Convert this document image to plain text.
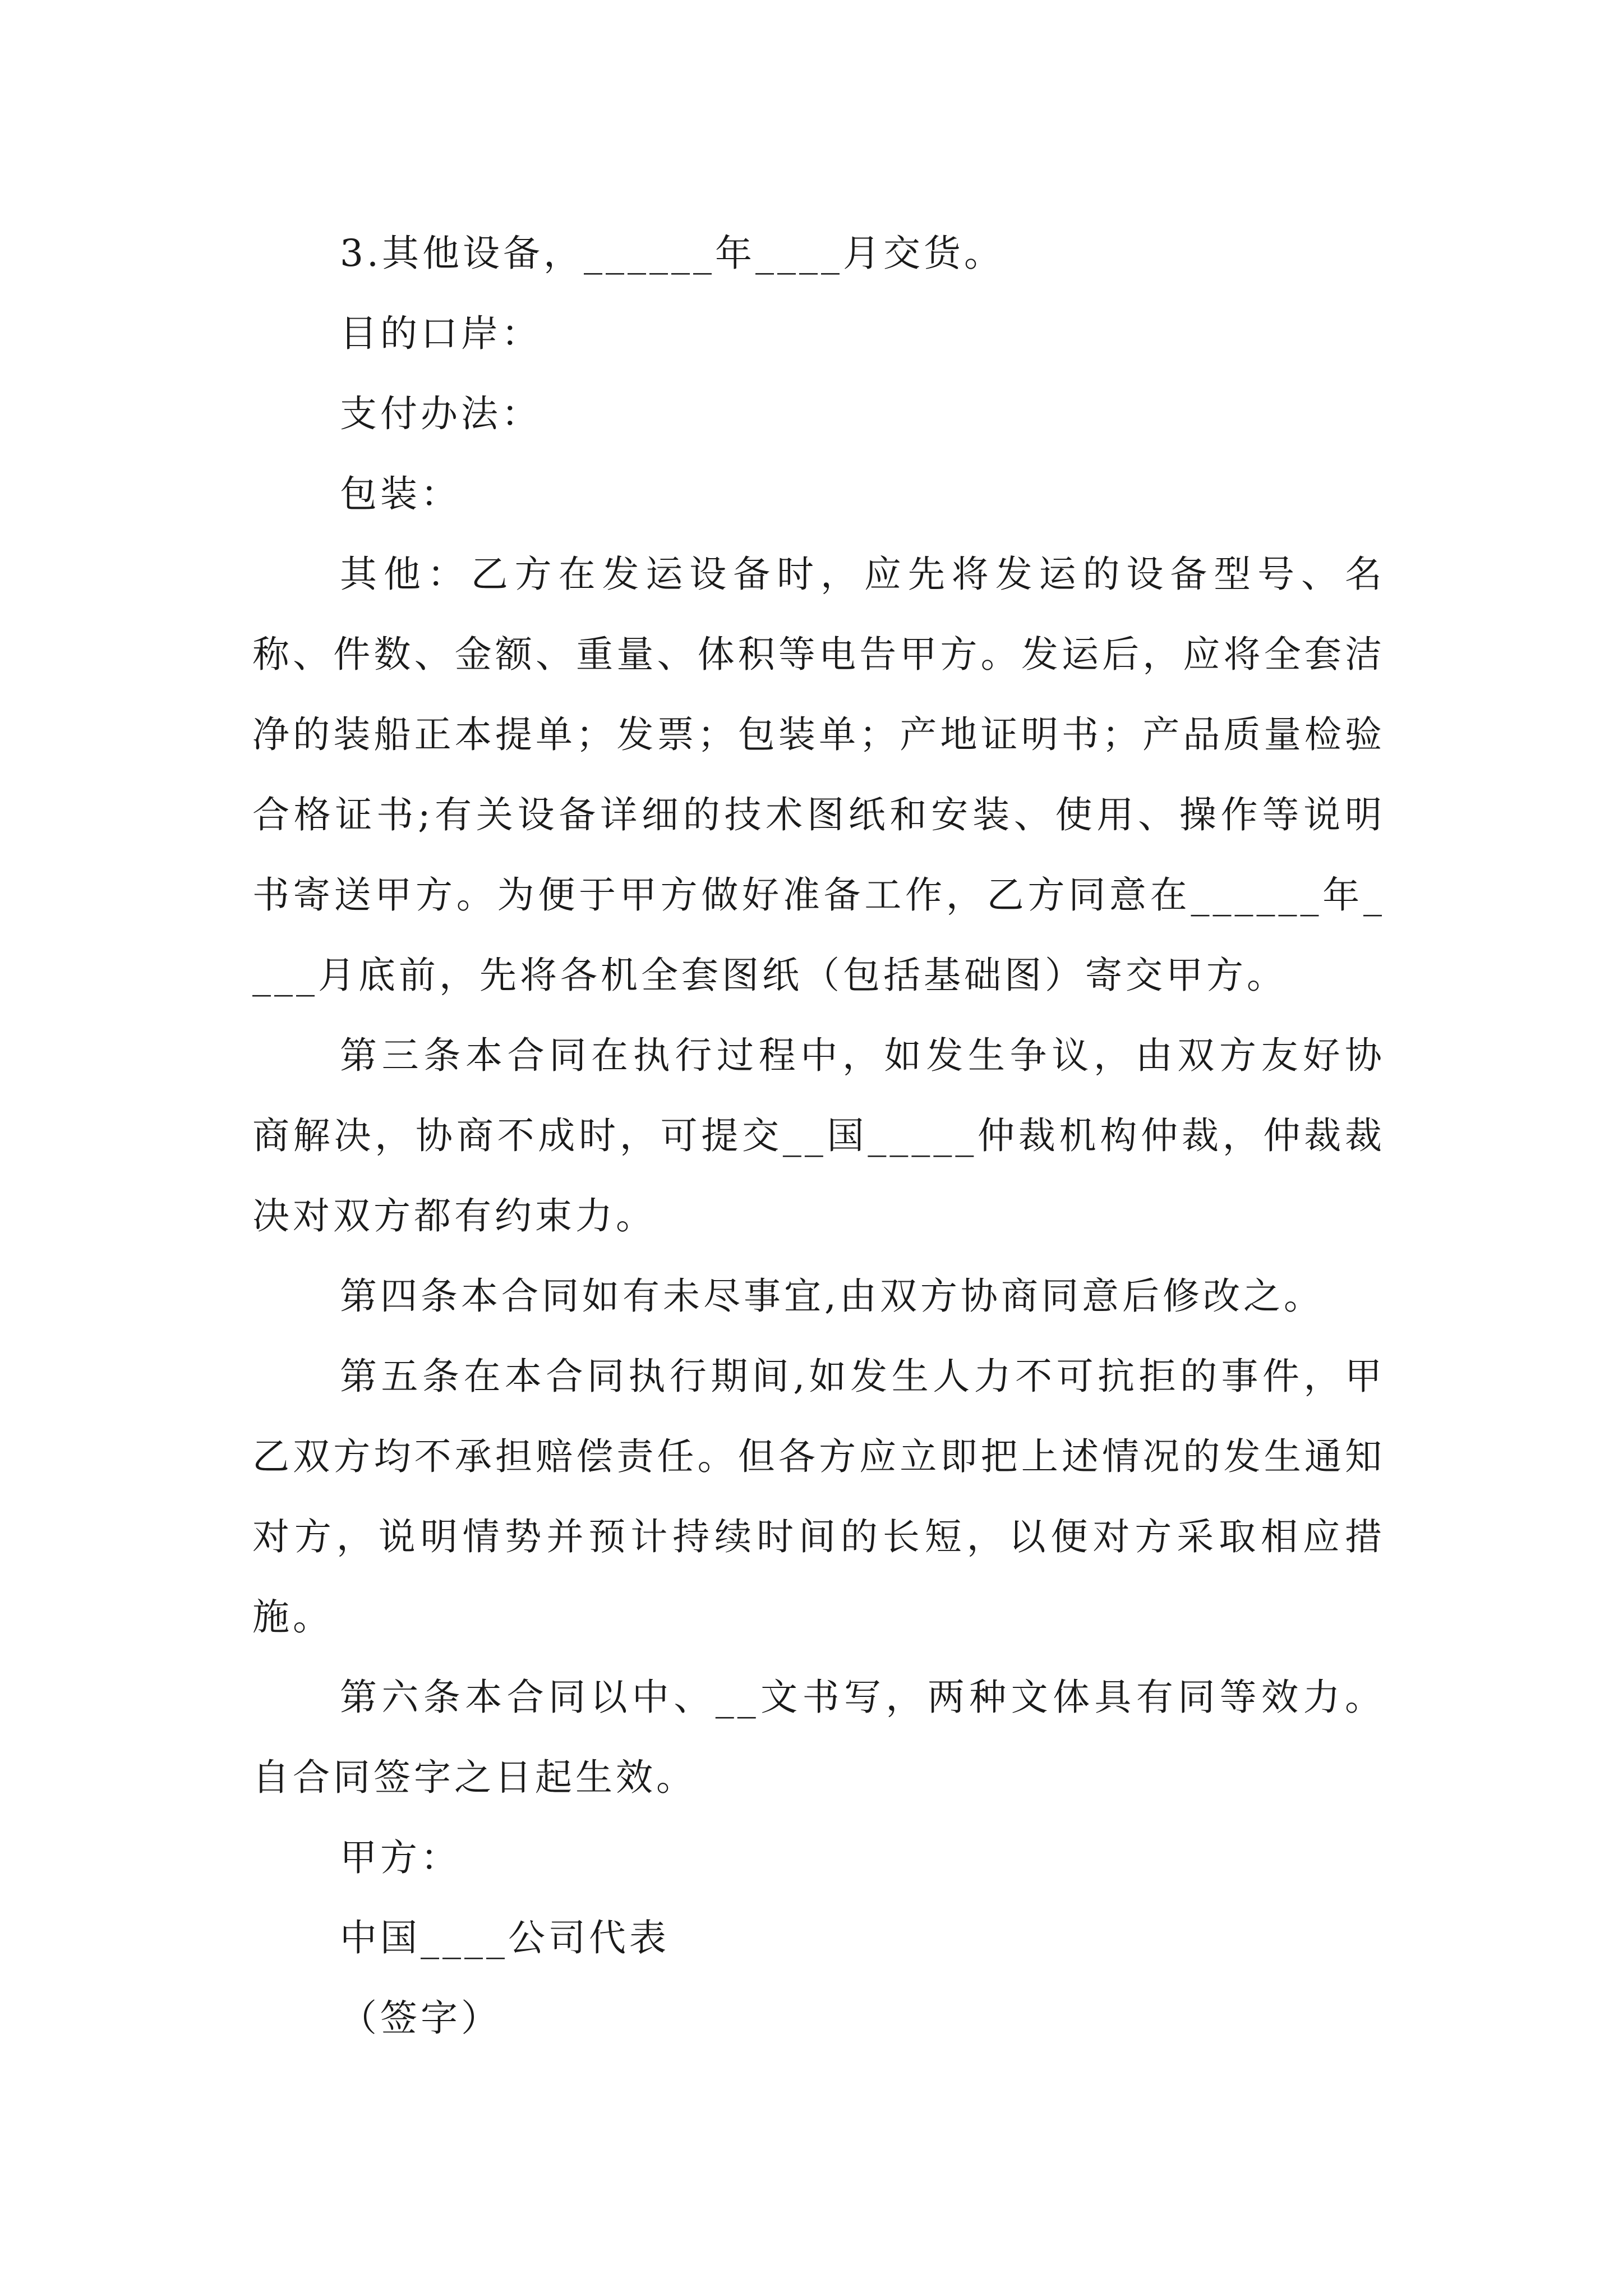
3.其他设备，______年____月交货。

目的口岸：

支付办法：

包装：

其他：乙方在发运设备时，应先将发运的设备型号、名称、件数、金额、重量、体积等电告甲方。发运后，应将全套洁净的装船正本提单；发票；包装单；产地证明书；产品质量检验合格证书;有关设备详细的技术图纸和安装、使用、操作等说明书寄送甲方。为便于甲方做好准备工作，乙方同意在______年____月底前，先将各机全套图纸（包括基础图）寄交甲方。

第三条本合同在执行过程中，如发生争议，由双方友好协商解决，协商不成时，可提交__国_____仲裁机构仲裁，仲裁裁决对双方都有约束力。

第四条本合同如有未尽事宜,由双方协商同意后修改之。

第五条在本合同执行期间,如发生人力不可抗拒的事件，甲乙双方均不承担赔偿责任。但各方应立即把上述情况的发生通知对方，说明情势并预计持续时间的长短，以便对方采取相应措施。

第六条本合同以中、__文书写，两种文体具有同等效力。自合同签字之日起生效。

甲方：

中国____公司代表

（签字）
